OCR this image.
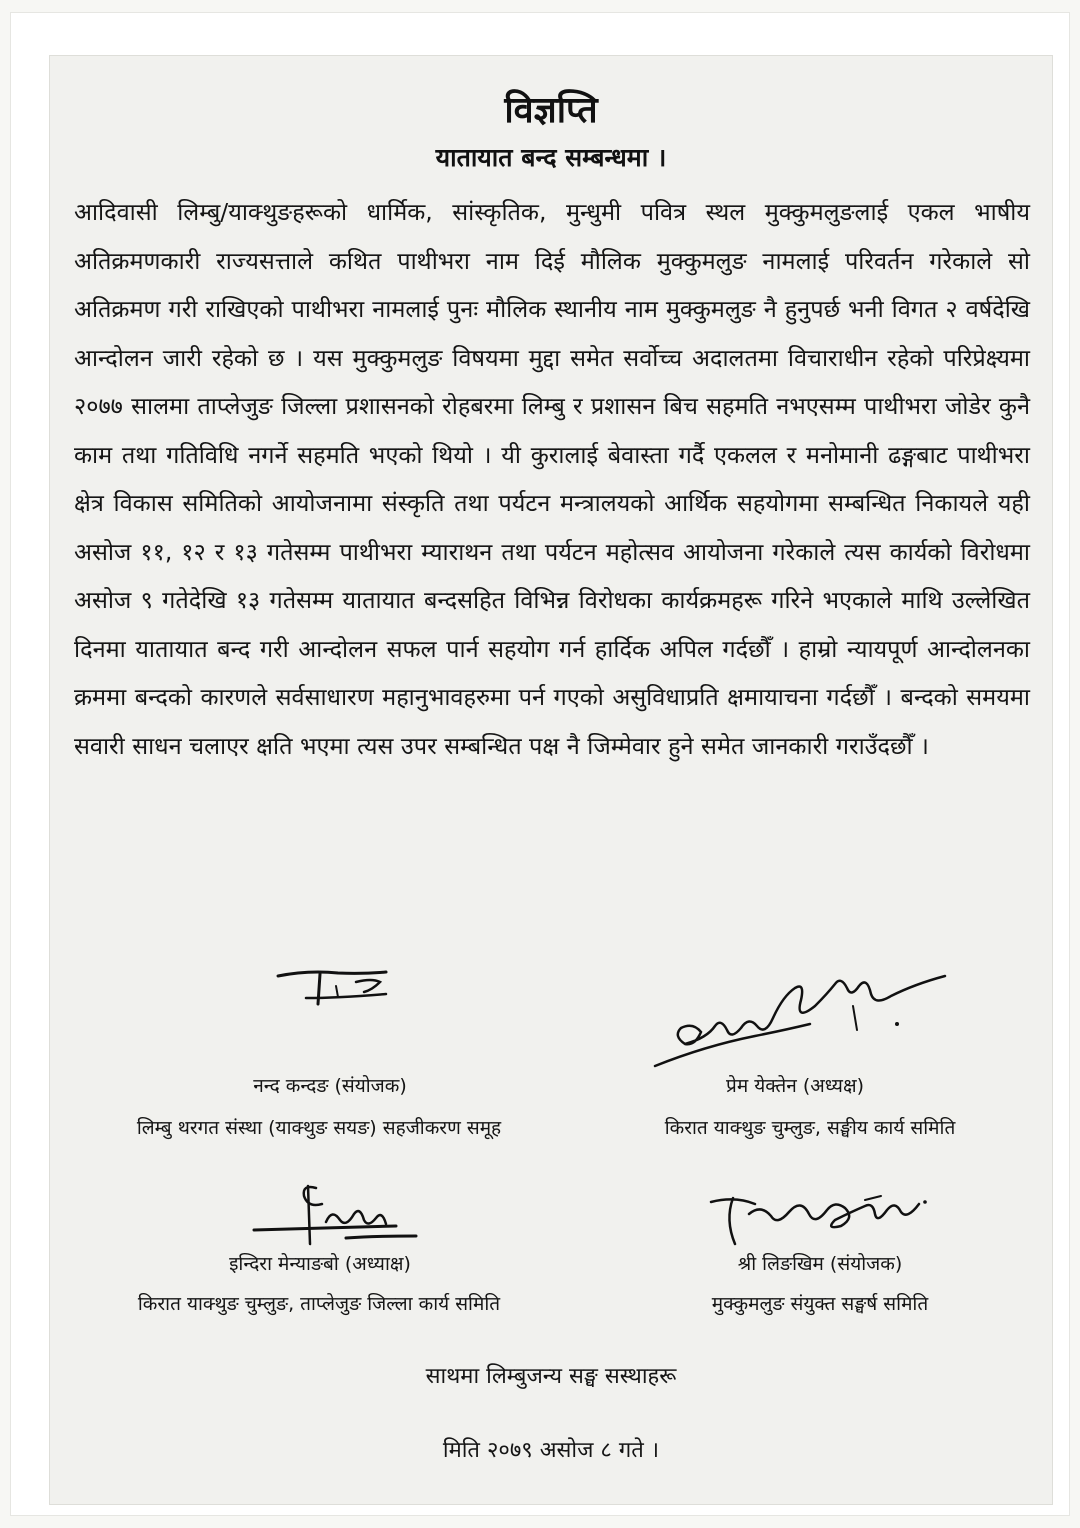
विज्ञप्ति
यातायात बन्द सम्बन्धमा ।
आदिवासी लिम्बु/याक्थुङहरूको धार्मिक, सांस्कृतिक, मुन्धुमी पवित्र स्थल मुक्कुमलुङलाई एकल भाषीय अतिक्रमणकारी राज्यसत्ताले कथित पाथीभरा नाम दिई मौलिक मुक्कुमलुङ नामलाई परिवर्तन गरेकाले सो अतिक्रमण गरी राखिएको पाथीभरा नामलाई पुनः मौलिक स्थानीय नाम मुक्कुमलुङ नै हुनुपर्छ भनी विगत २ वर्षदेखि आन्दोलन जारी रहेको छ । यस मुक्कुमलुङ विषयमा मुद्दा समेत सर्वोच्च अदालतमा विचाराधीन रहेको परिप्रेक्ष्यमा २०७७ सालमा ताप्लेजुङ जिल्ला प्रशासनको रोहबरमा लिम्बु र प्रशासन बिच सहमति नभएसम्म पाथीभरा जोडेर कुनै काम तथा गतिविधि नगर्ने सहमति भएको थियो । यी कुरालाई बेवास्ता गर्दै एकलल र मनोमानी ढङ्गबाट पाथीभरा क्षेत्र विकास समितिको आयोजनामा संस्कृति तथा पर्यटन मन्त्रालयको आर्थिक सहयोगमा सम्बन्धित निकायले यही असोज ११, १२ र १३ गतेसम्म पाथीभरा म्याराथन तथा पर्यटन महोत्सव आयोजना गरेकाले त्यस कार्यको विरोधमा असोज ९ गतेदेखि १३ गतेसम्म यातायात बन्दसहित विभिन्न विरोधका कार्यक्रमहरू गरिने भएकाले माथि उल्लेखित दिनमा यातायात बन्द गरी आन्दोलन सफल पार्न सहयोग गर्न हार्दिक अपिल गर्दछौँ । हाम्रो न्यायपूर्ण आन्दोलनका क्रममा बन्दको कारणले सर्वसाधारण महानुभावहरुमा पर्न गएको असुविधाप्रति क्षमायाचना गर्दछौँ । बन्दको समयमा सवारी साधन चलाएर क्षति भएमा त्यस उपर सम्बन्धित पक्ष नै जिम्मेवार हुने समेत जानकारी गराउँदछौँ ।
नन्द कन्दङ (संयोजक)
लिम्बु थरगत संस्था (याक्थुङ सयङ) सहजीकरण समूह
प्रेम येक्तेन (अध्यक्ष)
किरात याक्थुङ चुम्लुङ, सङ्घीय कार्य समिति
इन्दिरा मेन्याङबो (अध्याक्ष)
किरात याक्थुङ चुम्लुङ, ताप्लेजुङ जिल्ला कार्य समिति
श्री लिङखिम (संयोजक)
मुक्कुमलुङ संयुक्त सङ्घर्ष समिति
साथमा लिम्बुजन्य सङ्घ सस्थाहरू
मिति २०७९ असोज ८ गते ।
